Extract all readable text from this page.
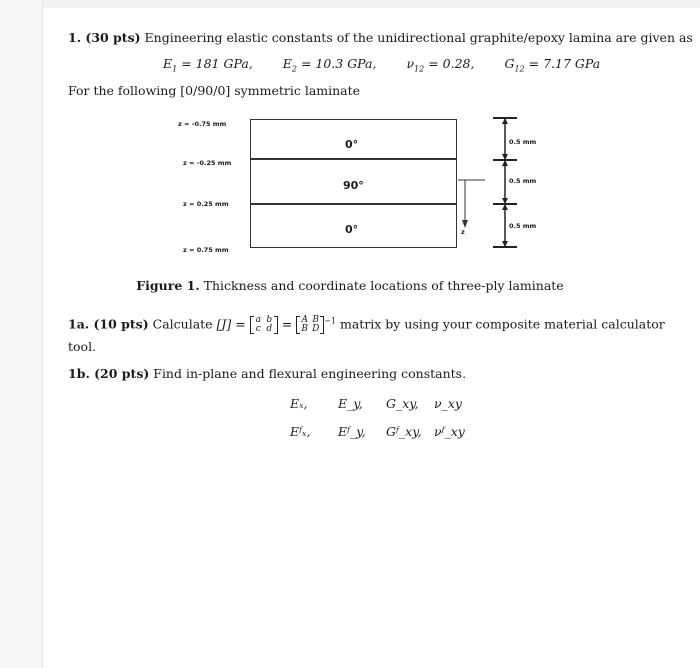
1. (30 pts) Engineering elastic constants of the unidirectional graphite/epoxy lamina are given as
$E_1 = 181$ GPa, $E_2 = 10.3$ GPa, $\nu_{12} = 0.28$, $G_{12} = 7.17$ GPa
For the following [0/90/0] symmetric laminate
z = -0.75 mm
z = -0.25 mm
z = 0.25 mm
z = 0.75 mm
0°
90°
0°
0.5 mm
0.5 mm
0.5 mm
z
Figure 1. Thickness and coordinate locations of three-ply laminate
1a. (10 pts) Calculate [J] =	a b
c d = A B
B D
$^{-1}$ matrix by using your composite material calculator
tool.
1b. (20 pts) Find in-plane and flexural engineering constants.
Eₓ, E_y, G_xy, ν_xy
Eᶠₓ, Eᶠ_y, Gᶠ_xy, νᶠ_xy
